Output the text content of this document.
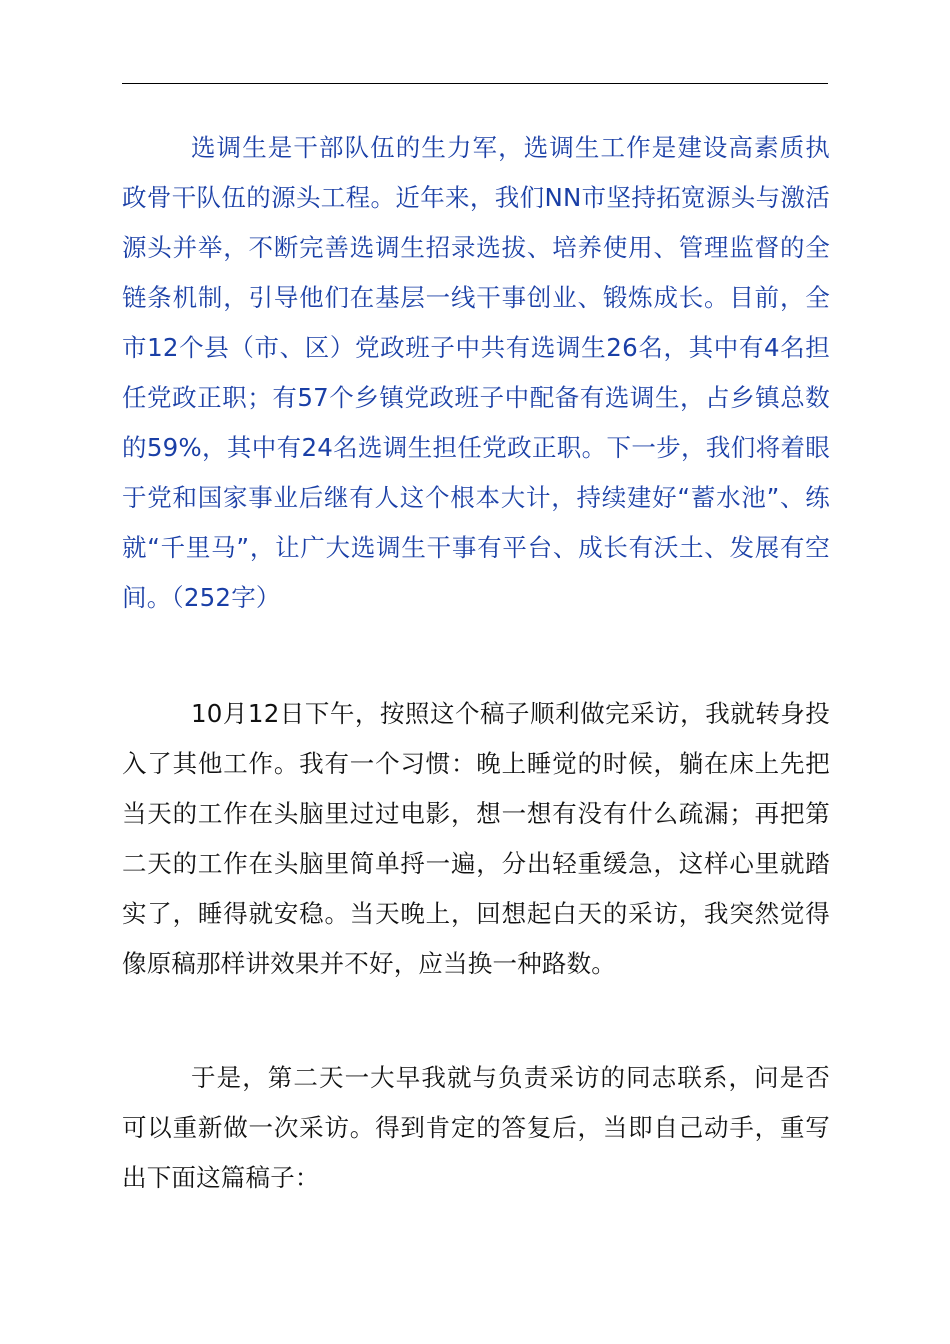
选调生是干部队伍的生力军，选调生工作是建设高素质执政骨干队伍的源头工程。近年来，我们NN市坚持拓宽源头与激活源头并举，不断完善选调生招录选拔、培养使用、管理监督的全链条机制，引导他们在基层一线干事创业、锻炼成长。目前，全市12个县（市、区）党政班子中共有选调生26名，其中有4名担任党政正职；有57个乡镇党政班子中配备有选调生，占乡镇总数的59%，其中有24名选调生担任党政正职。下一步，我们将着眼于党和国家事业后继有人这个根本大计，持续建好“蓄水池”、练就“千里马”，让广大选调生干事有平台、成长有沃土、发展有空间。（252字）

10月12日下午，按照这个稿子顺利做完采访，我就转身投入了其他工作。我有一个习惯：晚上睡觉的时候，躺在床上先把当天的工作在头脑里过过电影，想一想有没有什么疏漏；再把第二天的工作在头脑里简单捋一遍，分出轻重缓急，这样心里就踏实了，睡得就安稳。当天晚上，回想起白天的采访，我突然觉得像原稿那样讲效果并不好，应当换一种路数。

于是，第二天一大早我就与负责采访的同志联系，问是否可以重新做一次采访。得到肯定的答复后，当即自己动手，重写出下面这篇稿子：
